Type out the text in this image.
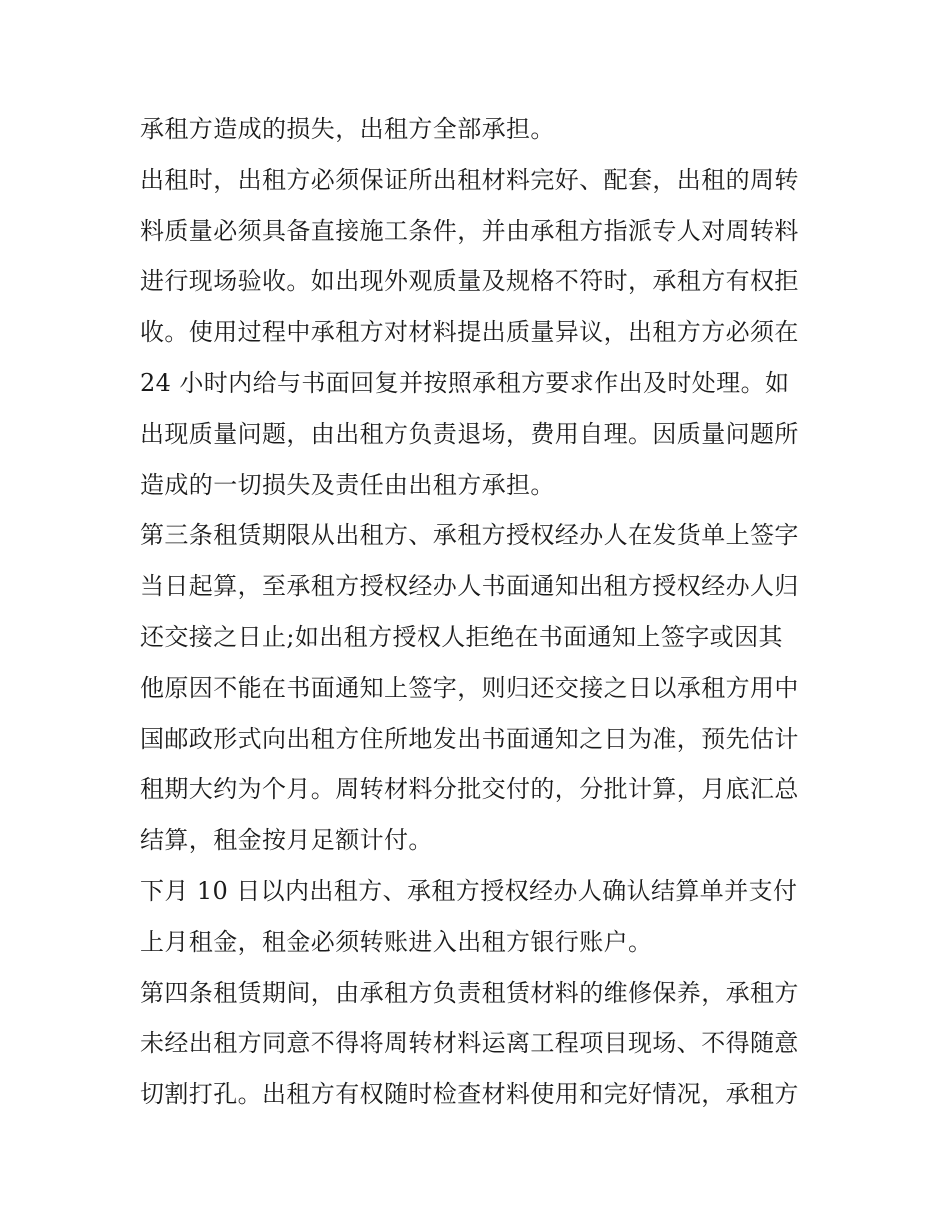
承租方造成的损失，出租方全部承担。
出租时，出租方必须保证所出租材料完好、配套，出租的周转
料质量必须具备直接施工条件，并由承租方指派专人对周转料
进行现场验收。如出现外观质量及规格不符时，承租方有权拒
收。使用过程中承租方对材料提出质量异议，出租方方必须在
24 小时内给与书面回复并按照承租方要求作出及时处理。如
出现质量问题，由出租方负责退场，费用自理。因质量问题所
造成的一切损失及责任由出租方承担。
第三条租赁期限从出租方、承租方授权经办人在发货单上签字
当日起算，至承租方授权经办人书面通知出租方授权经办人归
还交接之日止;如出租方授权人拒绝在书面通知上签字或因其
他原因不能在书面通知上签字，则归还交接之日以承租方用中
国邮政形式向出租方住所地发出书面通知之日为准，预先估计
租期大约为个月。周转材料分批交付的，分批计算，月底汇总
结算，租金按月足额计付。
下月 10 日以内出租方、承租方授权经办人确认结算单并支付
上月租金，租金必须转账进入出租方银行账户。
第四条租赁期间，由承租方负责租赁材料的维修保养，承租方
未经出租方同意不得将周转材料运离工程项目现场、不得随意
切割打孔。出租方有权随时检查材料使用和完好情况，承租方
